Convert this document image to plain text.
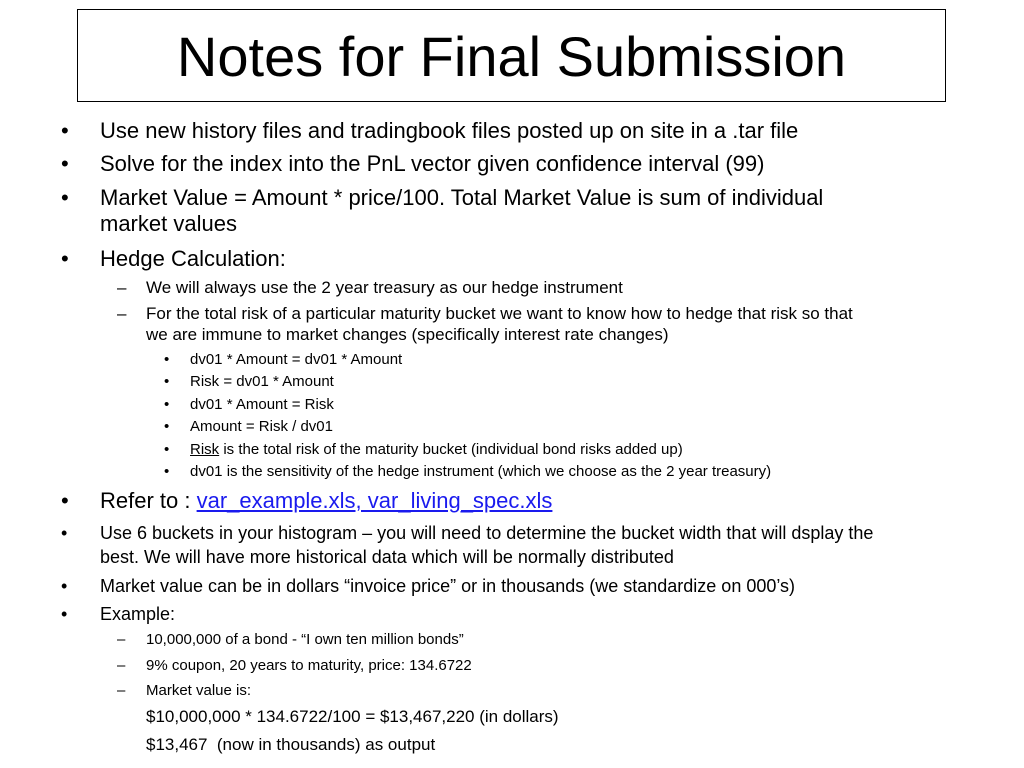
Notes for Final Submission
• Use new history files and tradingbook files posted up on site in a .tar file
• Solve for the index into the PnL vector given confidence interval (99)
• Market Value = Amount * price/100. Total Market Value is sum of individual
market values
• Hedge Calculation:
– We will always use the 2 year treasury as our hedge instrument
– For the total risk of a particular maturity bucket we want to know how to hedge that risk so that
we are immune to market changes (specifically interest rate changes)
• dv01 * Amount = dv01 * Amount
• Risk = dv01 * Amount
• dv01 * Amount = Risk
• Amount = Risk / dv01
• Risk is the total risk of the maturity bucket (individual bond risks added up)
• dv01 is the sensitivity of the hedge instrument (which we choose as the 2 year treasury)
• Refer to : var_example.xls, var_living_spec.xls
• Use 6 buckets in your histogram – you will need to determine the bucket width that will dsplay the
best. We will have more historical data which will be normally distributed
• Market value can be in dollars “invoice price” or in thousands (we standardize on 000’s)
• Example:
– 10,000,000 of a bond - “I own ten million bonds”
– 9% coupon, 20 years to maturity, price: 134.6722
– Market value is:
$10,000,000 * 134.6722/100 = $13,467,220 (in dollars)
$13,467  (now in thousands) as output
